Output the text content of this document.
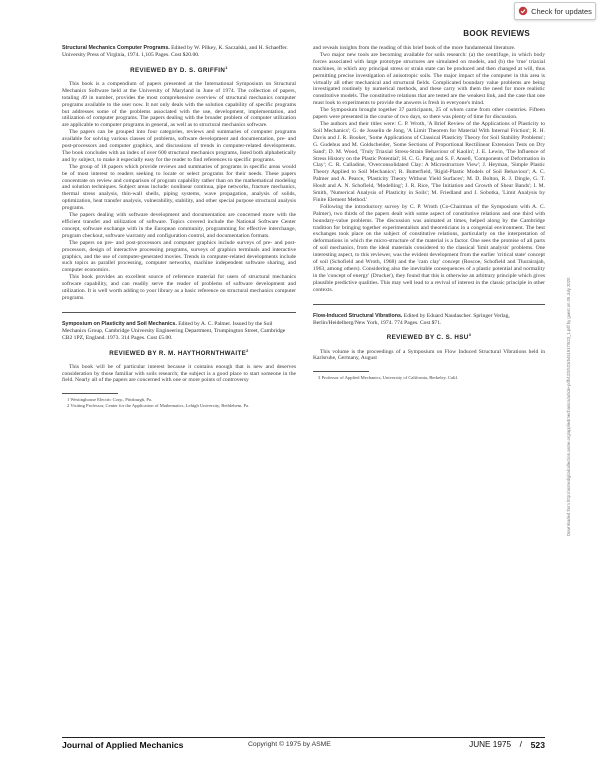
Check for updates
BOOK REVIEWS
Structural Mechanics Computer Programs. Edited by W. Pilkey, K. Saczalski, and H. Schaeffer. University Press of Virginia, 1974. 1,105 Pages. Cost $20.00.
REVIEWED BY D. S. GRIFFIN$^1$

This book is a compendium of papers presented at the International Symposium on Structural Mechanics Software held at the University of Maryland in June of 1974. The collection of papers, totaling 49 in number, provides the most comprehensive overview of structural mechanics computer programs available to the user now. It not only deals with the solution capability of specific programs but addresses some of the problems associated with the use, development, implementation, and utilization of computer programs. The papers dealing with the broader problem of computer utilization are applicable to computer programs in general, as well as to structural mechanics software.

The papers can be grouped into four categories, reviews and summaries of computer programs available for solving various classes of problems, software development and documentation, pre- and post-processors and computer graphics, and discussions of trends in computer-related developments. The book concludes with an index of over 600 structural mechanics programs, listed both alphabetically and by subject, to make it especially easy for the reader to find references to specific programs.

The group of 18 papers which provide reviews and summaries of programs in specific areas would be of most interest to readers seeking to locate or select programs for their needs. These papers concentrate on review and comparison of program capability rather than on the mathematical modeling and solution techniques. Subject areas include: nonlinear continua, pipe networks, fracture mechanics, thermal stress analysis, thin-wall shells, piping systems, wave propagation, analysis of solids, optimization, heat transfer analysis, vulnerability, stability, and other special purpose structural analysis programs.

The papers dealing with software development and documentation are concerned more with the efficient transfer and utilization of software. Topics covered include the National Software Center concept, software exchange with in the European community, programming for effective interchange, program checkout, software warranty and configuration control, and documentation formats.

The papers on pre- and post-processors and computer graphics include surveys of pre- and post-processors, design of interactive processing programs, surveys of graphics terminals and interactive graphics, and the use of computer-generated movies. Trends in computer-related developments include such topics as parallel processing, computer networks, machine independent software sharing, and computer economics.

This book provides an excellent source of reference material for users of structural mechanics software capability, and can readily serve the reader of problems of software development and utilization. It is well worth adding to your library as a basic reference on structural mechanics computer programs.

Symposium on Plasticity and Soil Mechanics. Edited by A. C. Palmer. Issued by the Soil Mechanics Group, Cambridge University Engineering Department, Trumpington Street, Cambridge CB2 1PZ, England. 1973. 314 Pages. Cost £5.00.
REVIEWED BY R. M. HAYTHORNTHWAITE$^2$

This book will be of particular interest because it contains enough that is new and deserves consideration by those familiar with soils research; the subject is a good place to start someone in the field. Nearly all of the papers are concerned with one or more points of controversy

1 Westinghouse Electric Corp., Pittsburgh, Pa.
2 Visiting Professor, Center for the Application of Mathematics, Lehigh University, Bethlehem, Pa.

and reveals insights from the reading of this brief book of the more fundamental literature.

Two major new tools are becoming available for soils research: (a) the centrifuge, in which body forces associated with large prototype structures are simulated on models, and (b) the 'true' triaxial machines, in which any principal stress or strain state can be produced and then changed at will, thus permitting precise investigation of anisotropic soils. The major impact of the computer in this area is virtually all other mechanical and structural fields. Complicated boundary value problems are being investigated routinely by numerical methods, and these carry with them the need for more realistic constitutive models. The constitutive relations that are tested are the weakest link, and the case that one must look to experiments to provide the answers is fresh in everyone's mind.

The Symposium brought together 37 participants, 25 of whom came from other countries. Fifteen papers were presented in the course of two days, so there was plenty of time for discussion.

The authors and their titles were: C. P. Wroth, 'A Brief Review of the Applications of Plasticity to Soil Mechanics'; G. de Josselin de Jong, 'A Limit Theorem for Material With Internal Friction'; R. H. Davis and J. R. Booker, 'Some Applications of Classical Plasticity Theory for Soil Stability Problems'; G. Gudehus and M. Goldscheider, 'Some Sections of Proportional Rectilinear Extension Tests on Dry Sand'; D. M. Wood, 'Truly Triaxial Stress-Strain Behaviour of Kaolin'; J. E. Lewin, 'The Influence of Stress History on the Plastic Potential'; H. C. G. Pang and S. F. Ansell, 'Components of Deformation in Clay'; C. R. Calladine, 'Overconsolidated Clay: A Microstructure View'; J. Heyman, 'Simple Plastic Theory Applied to Soil Mechanics'; R. Butterfield, 'Rigid-Plastic Models of Soil Behaviour'; A. C. Palmer and A. Pearce, 'Plasticity Theory Without Yield Surfaces'; M. D. Bolton, R. J. Dingle, G. T. Hoult and A. N. Schofield, 'Modelling'; J. R. Rice, 'The Initiation and Growth of Shear Bands'; I. M. Smith, 'Numerical Analysis of Plasticity in Soils'; M. Friedland and J. Sobotka, 'Limit Analysis by Finite Element Method.'

Following the introductory survey by C. P. Wroth (Co-Chairman of the Symposium with A. C. Palmer), two thirds of the papers dealt with some aspect of constitutive relations and one third with boundary-value problems. The discussion was animated at times, helped along by the Cambridge tradition for bringing together experimentalists and theoreticians in a congenial environment. The best exchanges took place on the subject of constitutive relations, particularly on the interpretation of deformations in which the micro-structure of the material is a factor. One sees the promise of all parts of soil mechanics, from the ideal materials considered to the classical 'limit analysis' problems. One interesting aspect, to this reviewer, was the evident development from the earlier 'critical state' concept of soil (Schofield and Wroth, 1968) and the 'cam clay' concept (Roscoe, Schofield and Thurairajah, 1963, among others). Considering also the inevitable consequences of a plastic potential and normality in the 'concept of energy' (Drucker), they found that this is otherwise an arbitrary principle which gives plausible predictive qualities. This may well lead to a revival of interest in the classic principle in other contexts.

Flow-Induced Structural Vibrations. Edited by Eduard Naudascher. Springer Verlag, Berlin/Heidelberg/New York, 1974. 774 Pages. Cost $71.
REVIEWED BY C. S. HSU$^3$

This volume is the proceedings of a Symposium on Flow Induced Structural Vibrations held in Karlsruhe, Germany, August

3 Professor of Applied Mechanics, University of California, Berkeley, Calif.	Downloaded from http://asmedigitalcollection.asme.org/appliedmechanics/article-pdf/42/2/523/5451917/523_1.pdf by guest on 05 July 2020
Journal of Applied Mechanics	Copyright © 1975 by ASME	JUNE 1975 / 523
